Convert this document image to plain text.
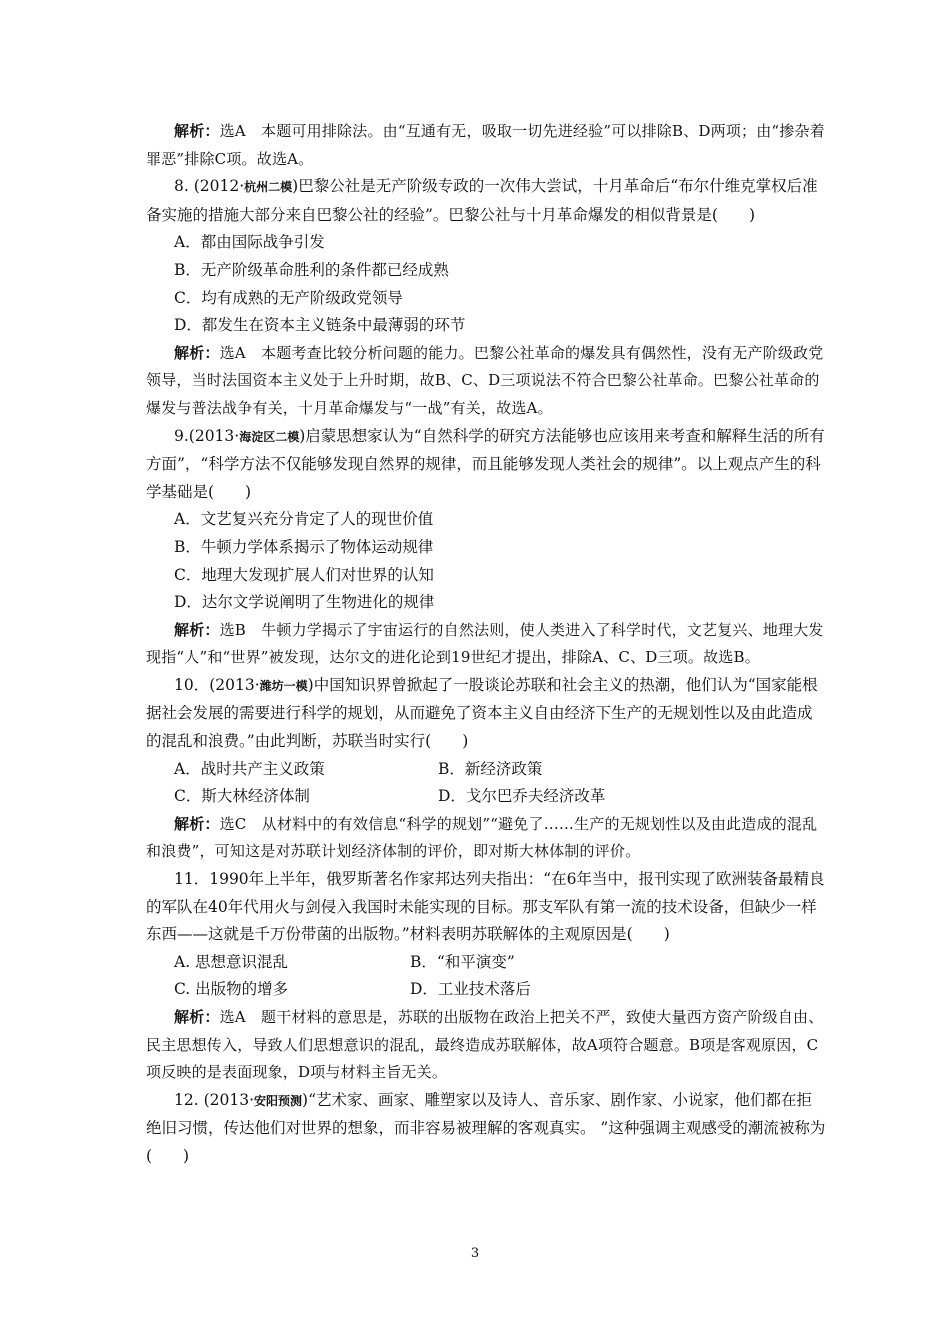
解析：选A　本题可用排除法。由“互通有无，吸取一切先进经验”可以排除B、D两项；由“掺杂着罪恶”排除C项。故选A。

8. (2012·杭州二模)巴黎公社是无产阶级专政的一次伟大尝试，十月革命后“布尔什维克掌权后准备实施的措施大部分来自巴黎公社的经验”。巴黎公社与十月革命爆发的相似背景是(　　)

A．都由国际战争引发

B．无产阶级革命胜利的条件都已经成熟

C．均有成熟的无产阶级政党领导

D．都发生在资本主义链条中最薄弱的环节

解析：选A　本题考查比较分析问题的能力。巴黎公社革命的爆发具有偶然性，没有无产阶级政党领导，当时法国资本主义处于上升时期，故B、C、D三项说法不符合巴黎公社革命。巴黎公社革命的爆发与普法战争有关，十月革命爆发与“一战”有关，故选A。

9.(2013·海淀区二模)启蒙思想家认为“自然科学的研究方法能够也应该用来考查和解释生活的所有方面”，“科学方法不仅能够发现自然界的规律，而且能够发现人类社会的规律”。以上观点产生的科学基础是(　　)

A．文艺复兴充分肯定了人的现世价值

B．牛顿力学体系揭示了物体运动规律

C．地理大发现扩展人们对世界的认知

D．达尔文学说阐明了生物进化的规律

解析：选B　牛顿力学揭示了宇宙运行的自然法则，使人类进入了科学时代，文艺复兴、地理大发现指“人”和“世界”被发现，达尔文的进化论到19世纪才提出，排除A、C、D三项。故选B。

10．(2013·潍坊一模)中国知识界曾掀起了一股谈论苏联和社会主义的热潮，他们认为“国家能根据社会发展的需要进行科学的规划，从而避免了资本主义自由经济下生产的无规划性以及由此造成的混乱和浪费。”由此判断，苏联当时实行(　　)

A．战时共产主义政策	B．新经济政策

C．斯大林经济体制	D．戈尔巴乔夫经济改革

解析：选C　从材料中的有效信息“科学的规划”“避免了……生产的无规划性以及由此造成的混乱和浪费”，可知这是对苏联计划经济体制的评价，即对斯大林体制的评价。

11．1990年上半年，俄罗斯著名作家邦达列夫指出：“在6年当中，报刊实现了欧洲装备最精良的军队在40年代用火与剑侵入我国时未能实现的目标。那支军队有第一流的技术设备，但缺少一样东西——这就是千万份带菌的出版物。”材料表明苏联解体的主观原因是(　　)

A. 思想意识混乱	B．“和平演变”

C. 出版物的增多	D．工业技术落后

解析：选A　题干材料的意思是，苏联的出版物在政治上把关不严，致使大量西方资产阶级自由、民主思想传入，导致人们思想意识的混乱，最终造成苏联解体，故A项符合题意。B项是客观原因，C项反映的是表面现象，D项与材料主旨无关。

12. (2013·安阳预测)“艺术家、画家、雕塑家以及诗人、音乐家、剧作家、小说家，他们都在拒绝旧习惯，传达他们对世界的想象，而非容易被理解的客观真实。 ”这种强调主观感受的潮流被称为(　　)

3
